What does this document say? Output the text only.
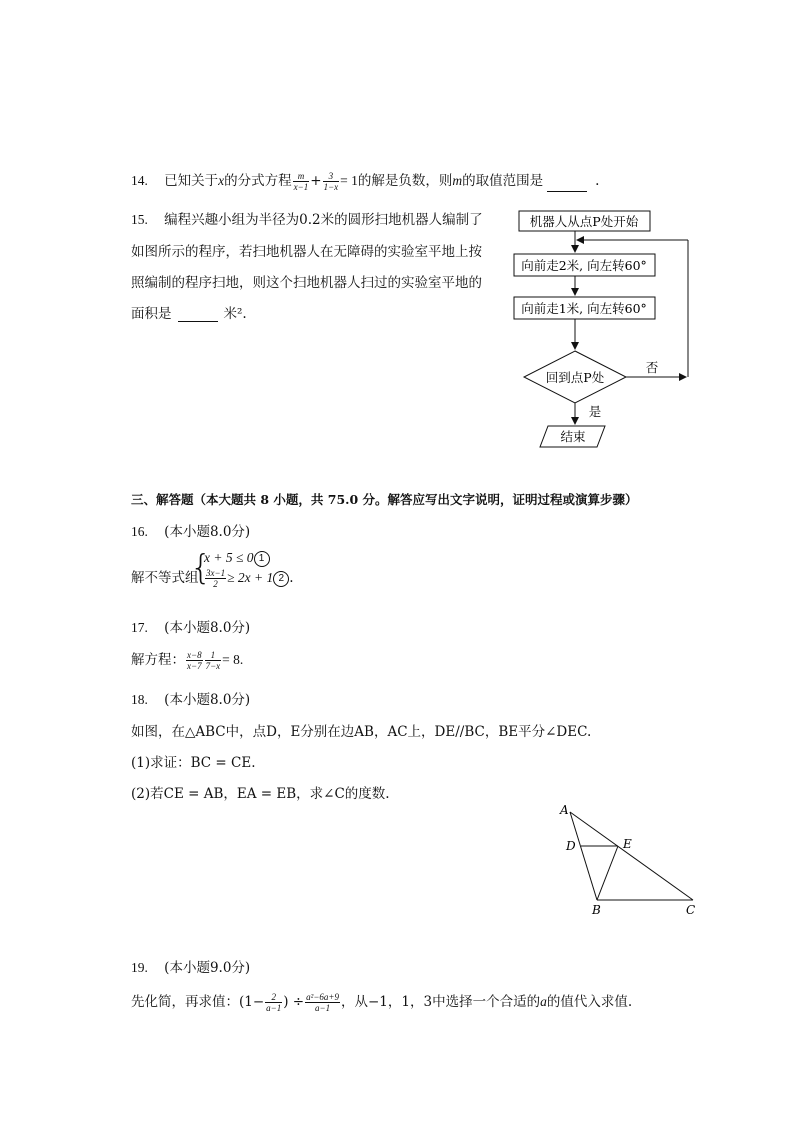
14. 已知关于x的分式方程 $\frac{m}{x-1} + \frac{3}{1-x} = 1$的解是负数，则m的取值范围是	.
15. 编程兴趣小组为半径为0.2米的圆形扫地机器人编制了
如图所示的程序，若扫地机器人在无障碍的实验室平地上按
照编制的程序扫地，则这个扫地机器人扫过的实验室平地的
面积是	米².
机器人从点P处开始
向前走2米, 向左转60°
向前走1米, 向左转60°
回到点P处
否
是
结束
三、解答题（本大题共 8 小题，共 75.0 分。解答应写出文字说明，证明过程或演算步骤）
16. (本小题8.0分)
解不等式组
{
x + 5 ≤ 0 1
$\frac{3x-1}{2} \ge 2x + 1$ 2 .
17. (本小题8.0分)
解方程： $\frac{x-8}{x-7} \frac{1}{7-x} = 8$.
18. (本小题8.0分)
如图，在△ABC中，点D，E分别在边AB，AC上，DE//BC，BE平分∠DEC.
(1)求证：BC = CE.
(2)若CE = AB，EA = EB，求∠C的度数.
A
D	E
B	C
19. (本小题9.0分)
先化简，再求值：($1- \frac{2}{a-1}$ ) ÷ $\frac{\text{a²−6a+9}}{a-1}$ ，从−1，1，3中选择一个合适的a的值代入求值.
